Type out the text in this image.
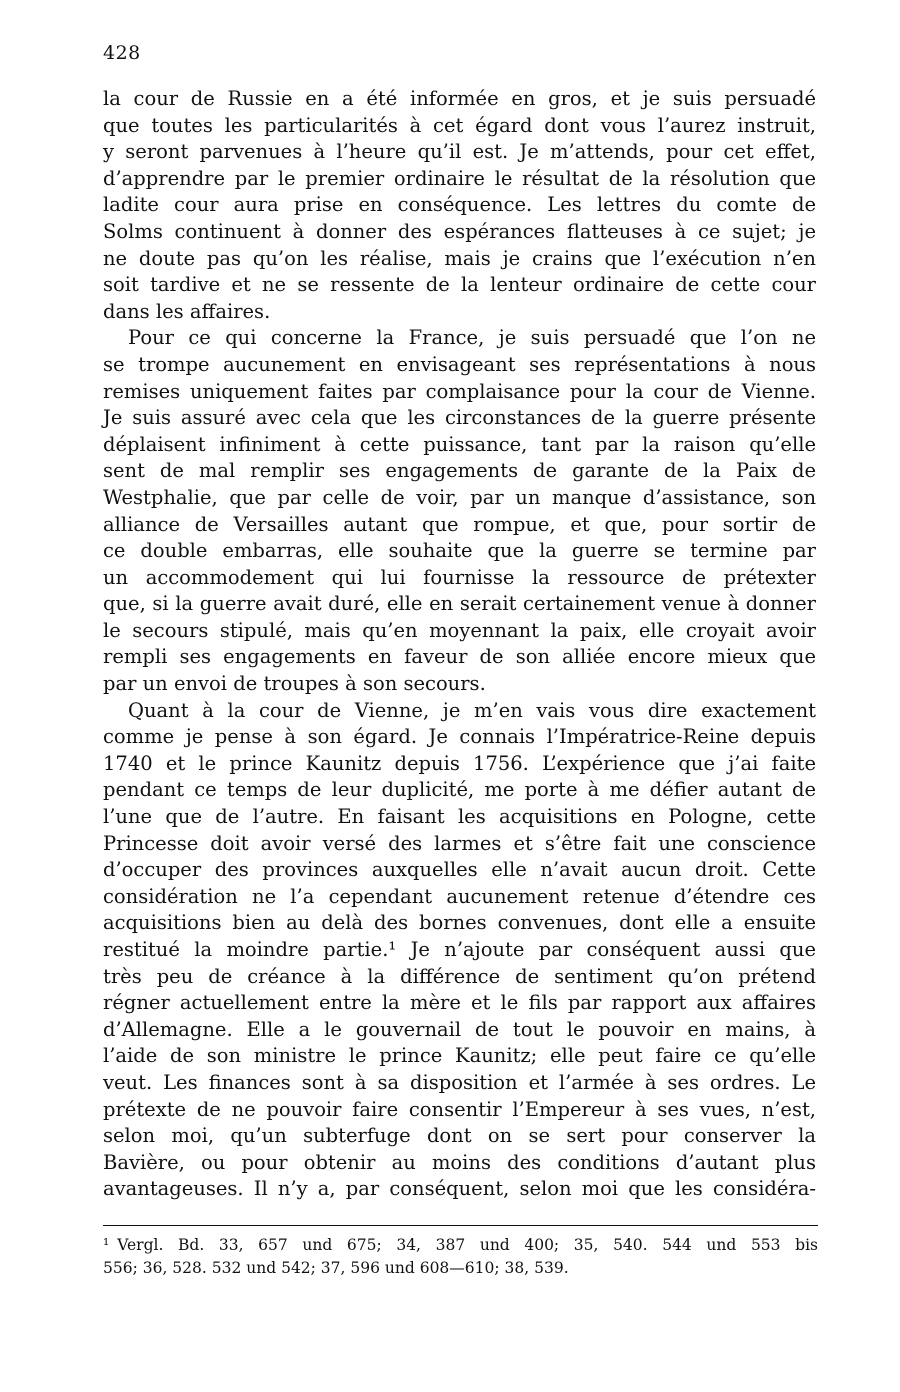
428
la cour de Russie en a été informée en gros, et je suis persuadé
que toutes les particularités à cet égard dont vous l’aurez instruit,
y seront parvenues à l’heure qu’il est. Je m’attends, pour cet effet,
d’apprendre par le premier ordinaire le résultat de la résolution que
ladite cour aura prise en conséquence. Les lettres du comte de
Solms continuent à donner des espérances flatteuses à ce sujet; je
ne doute pas qu’on les réalise, mais je crains que l’exécution n’en
soit tardive et ne se ressente de la lenteur ordinaire de cette cour
dans les affaires.
Pour ce qui concerne la France, je suis persuadé que l’on ne
se trompe aucunement en envisageant ses représentations à nous
remises uniquement faites par complaisance pour la cour de Vienne.
Je suis assuré avec cela que les circonstances de la guerre présente
déplaisent infiniment à cette puissance, tant par la raison qu’elle
sent de mal remplir ses engagements de garante de la Paix de
Westphalie, que par celle de voir, par un manque d’assistance, son
alliance de Versailles autant que rompue, et que, pour sortir de
ce double embarras, elle souhaite que la guerre se termine par
un accommodement qui lui fournisse la ressource de prétexter
que, si la guerre avait duré, elle en serait certainement venue à donner
le secours stipulé, mais qu’en moyennant la paix, elle croyait avoir
rempli ses engagements en faveur de son alliée encore mieux que
par un envoi de troupes à son secours.
Quant à la cour de Vienne, je m’en vais vous dire exactement
comme je pense à son égard. Je connais l’Impératrice-Reine depuis
1740 et le prince Kaunitz depuis 1756. L’expérience que j’ai faite
pendant ce temps de leur duplicité, me porte à me défier autant de
l’une que de l’autre. En faisant les acquisitions en Pologne, cette
Princesse doit avoir versé des larmes et s’être fait une conscience
d’occuper des provinces auxquelles elle n’avait aucun droit. Cette
considération ne l’a cependant aucunement retenue d’étendre ces
acquisitions bien au delà des bornes convenues, dont elle a ensuite
restitué la moindre partie.¹ Je n’ajoute par conséquent aussi que
très peu de créance à la différence de sentiment qu’on prétend
régner actuellement entre la mère et le fils par rapport aux affaires
d’Allemagne. Elle a le gouvernail de tout le pouvoir en mains, à
l’aide de son ministre le prince Kaunitz; elle peut faire ce qu’elle
veut. Les finances sont à sa disposition et l’armée à ses ordres. Le
prétexte de ne pouvoir faire consentir l’Empereur à ses vues, n’est,
selon moi, qu’un subterfuge dont on se sert pour conserver la
Bavière, ou pour obtenir au moins des conditions d’autant plus
avantageuses. Il n’y a, par conséquent, selon moi que les considéra-
¹ Vergl. Bd. 33, 657 und 675; 34, 387 und 400; 35, 540. 544 und 553 bis
556; 36, 528. 532 und 542; 37, 596 und 608—610; 38, 539.
